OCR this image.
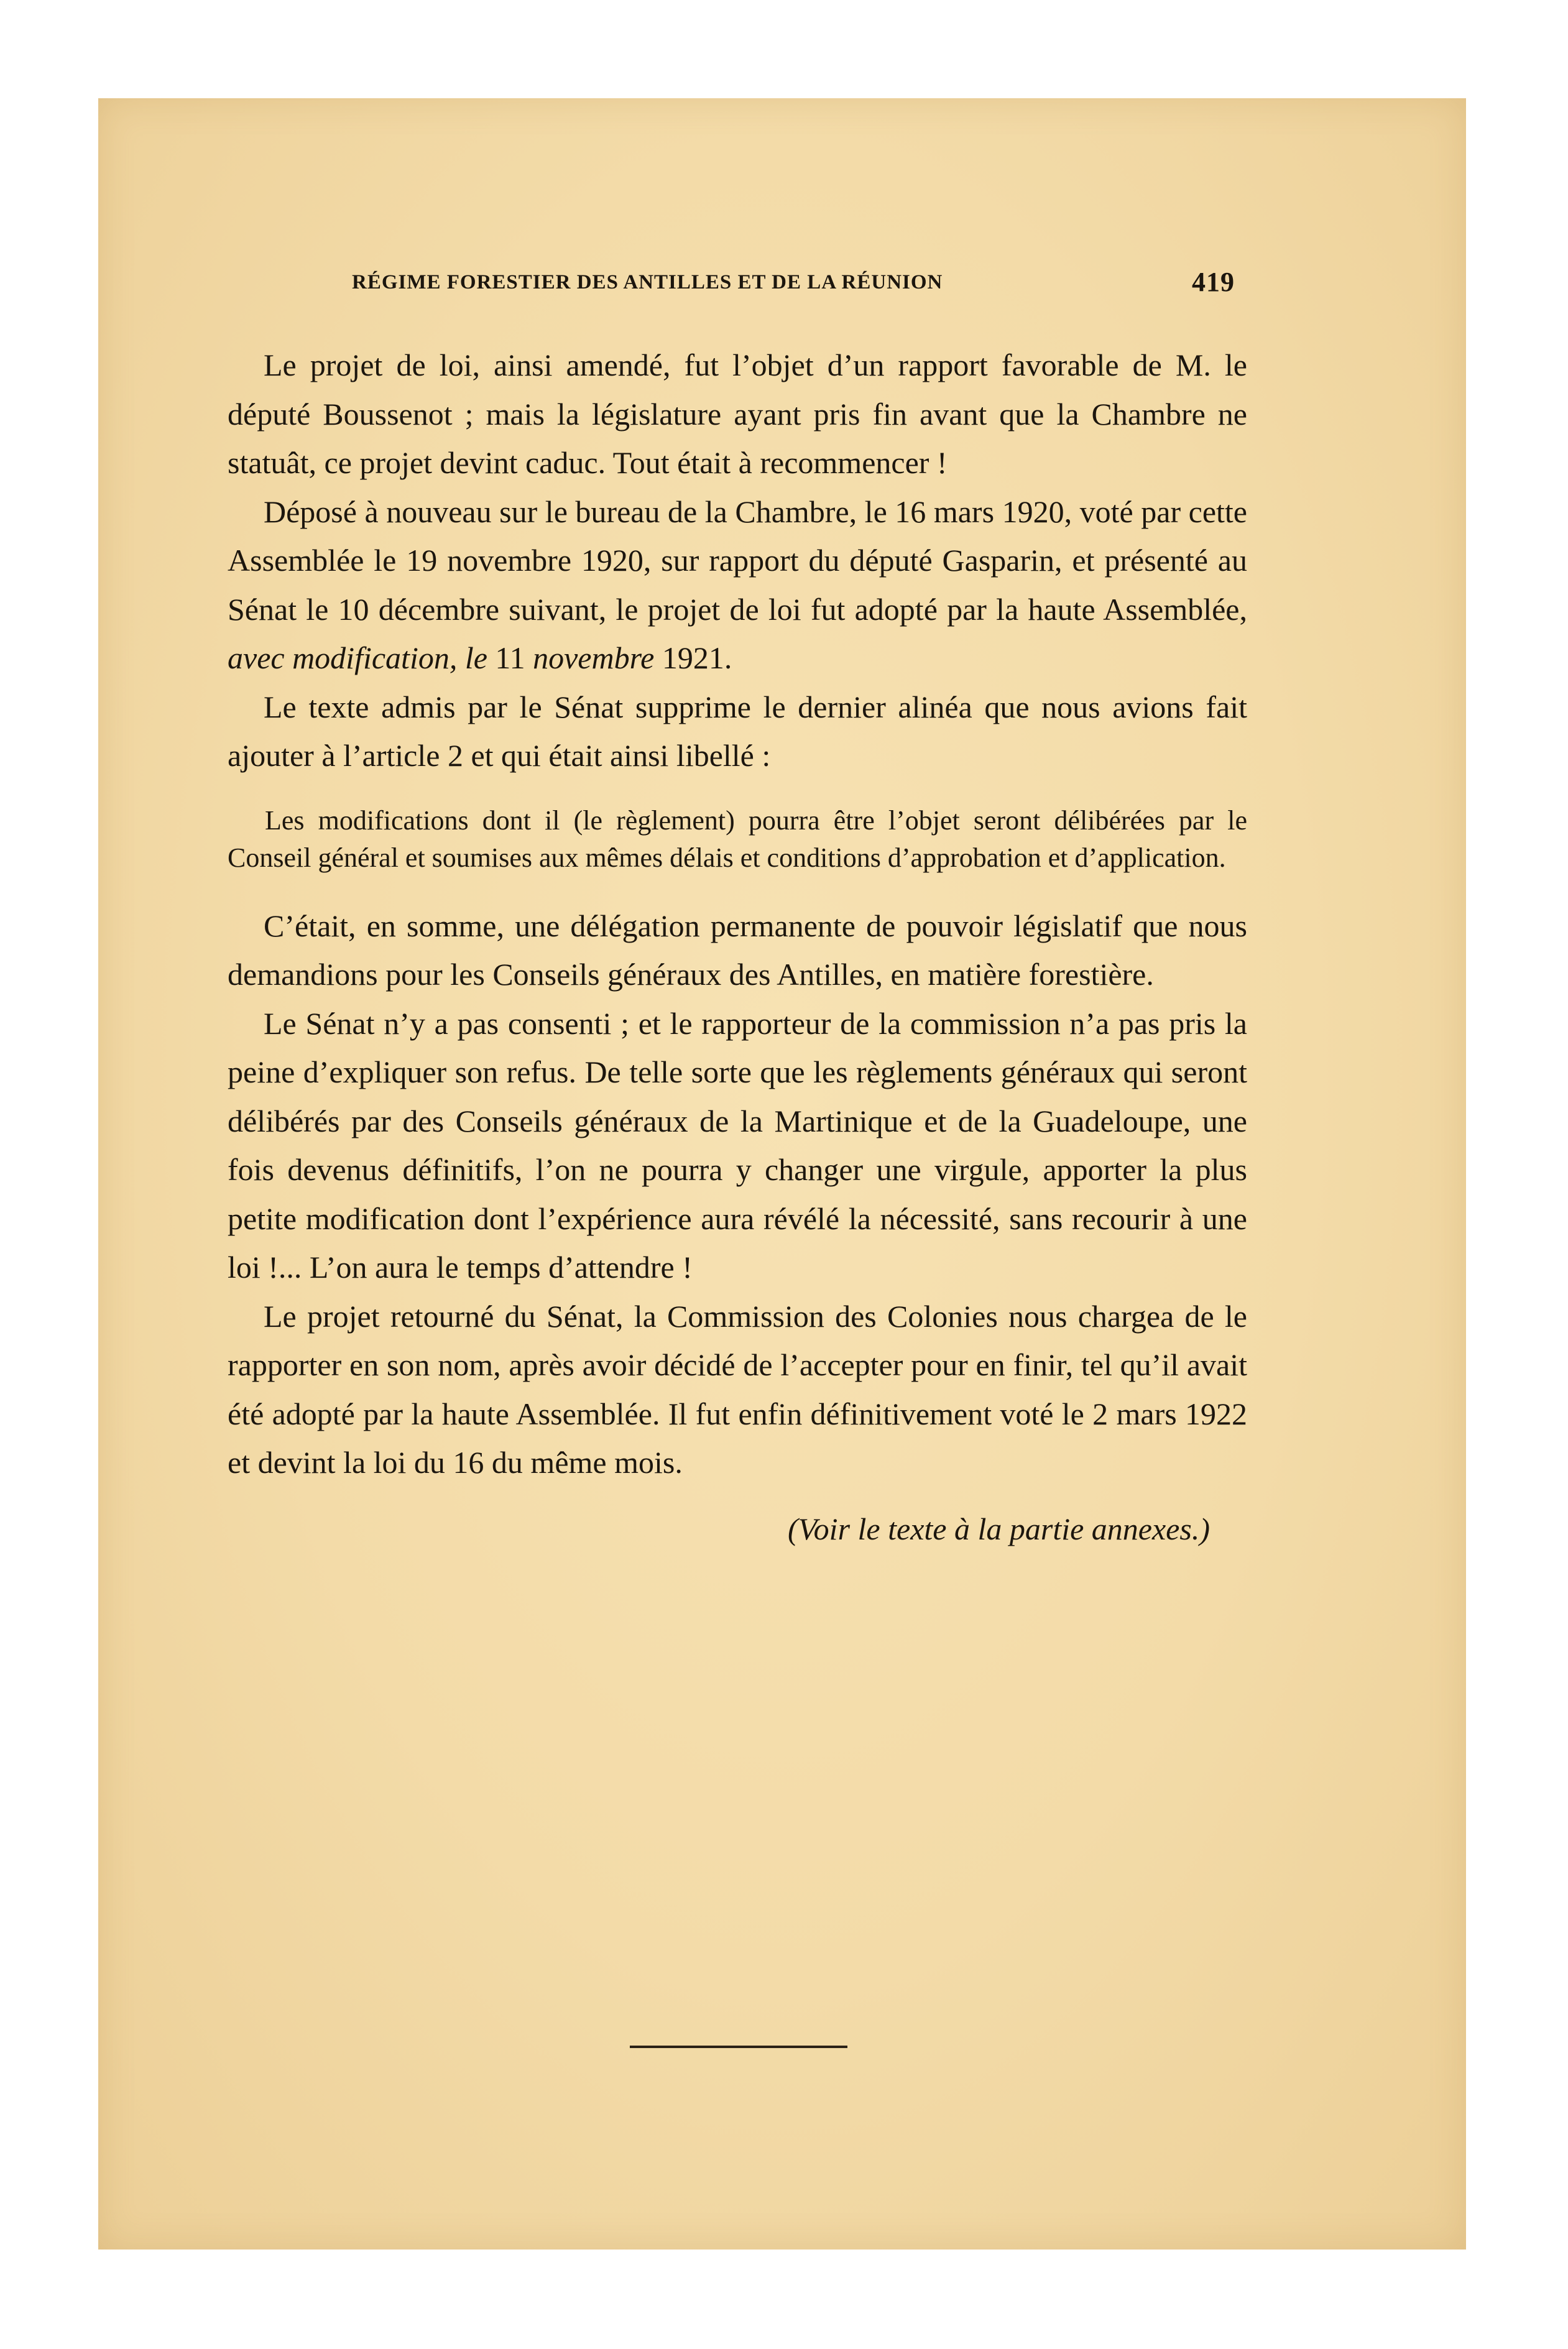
RÉGIME FORESTIER DES ANTILLES ET DE LA RÉUNION	419

Le projet de loi, ainsi amendé, fut l’objet d’un rapport favorable de M. le député Boussenot ; mais la législature ayant pris fin avant que la Chambre ne statuât, ce projet devint caduc. Tout était à recommencer !

Déposé à nouveau sur le bureau de la Chambre, le 16 mars 1920, voté par cette Assemblée le 19 novembre 1920, sur rapport du député Gasparin, et présenté au Sénat le 10 décembre suivant, le projet de loi fut adopté par la haute Assemblée, avec modification, le 11 novembre 1921.

Le texte admis par le Sénat supprime le dernier alinéa que nous avions fait ajouter à l’article 2 et qui était ainsi libellé :

Les modifications dont il (le règlement) pourra être l’objet seront délibérées par le Conseil général et soumises aux mêmes délais et conditions d’approbation et d’application.

C’était, en somme, une délégation permanente de pouvoir législatif que nous demandions pour les Conseils généraux des Antilles, en matière forestière.

Le Sénat n’y a pas consenti ; et le rapporteur de la commission n’a pas pris la peine d’expliquer son refus. De telle sorte que les règlements généraux qui seront délibérés par des Conseils généraux de la Martinique et de la Guadeloupe, une fois devenus définitifs, l’on ne pourra y changer une virgule, apporter la plus petite modification dont l’expérience aura révélé la nécessité, sans recourir à une loi !... L’on aura le temps d’attendre !

Le projet retourné du Sénat, la Commission des Colonies nous chargea de le rapporter en son nom, après avoir décidé de l’accepter pour en finir, tel qu’il avait été adopté par la haute Assemblée. Il fut enfin définitivement voté le 2 mars 1922 et devint la loi du 16 du même mois.

(Voir le texte à la partie annexes.)
